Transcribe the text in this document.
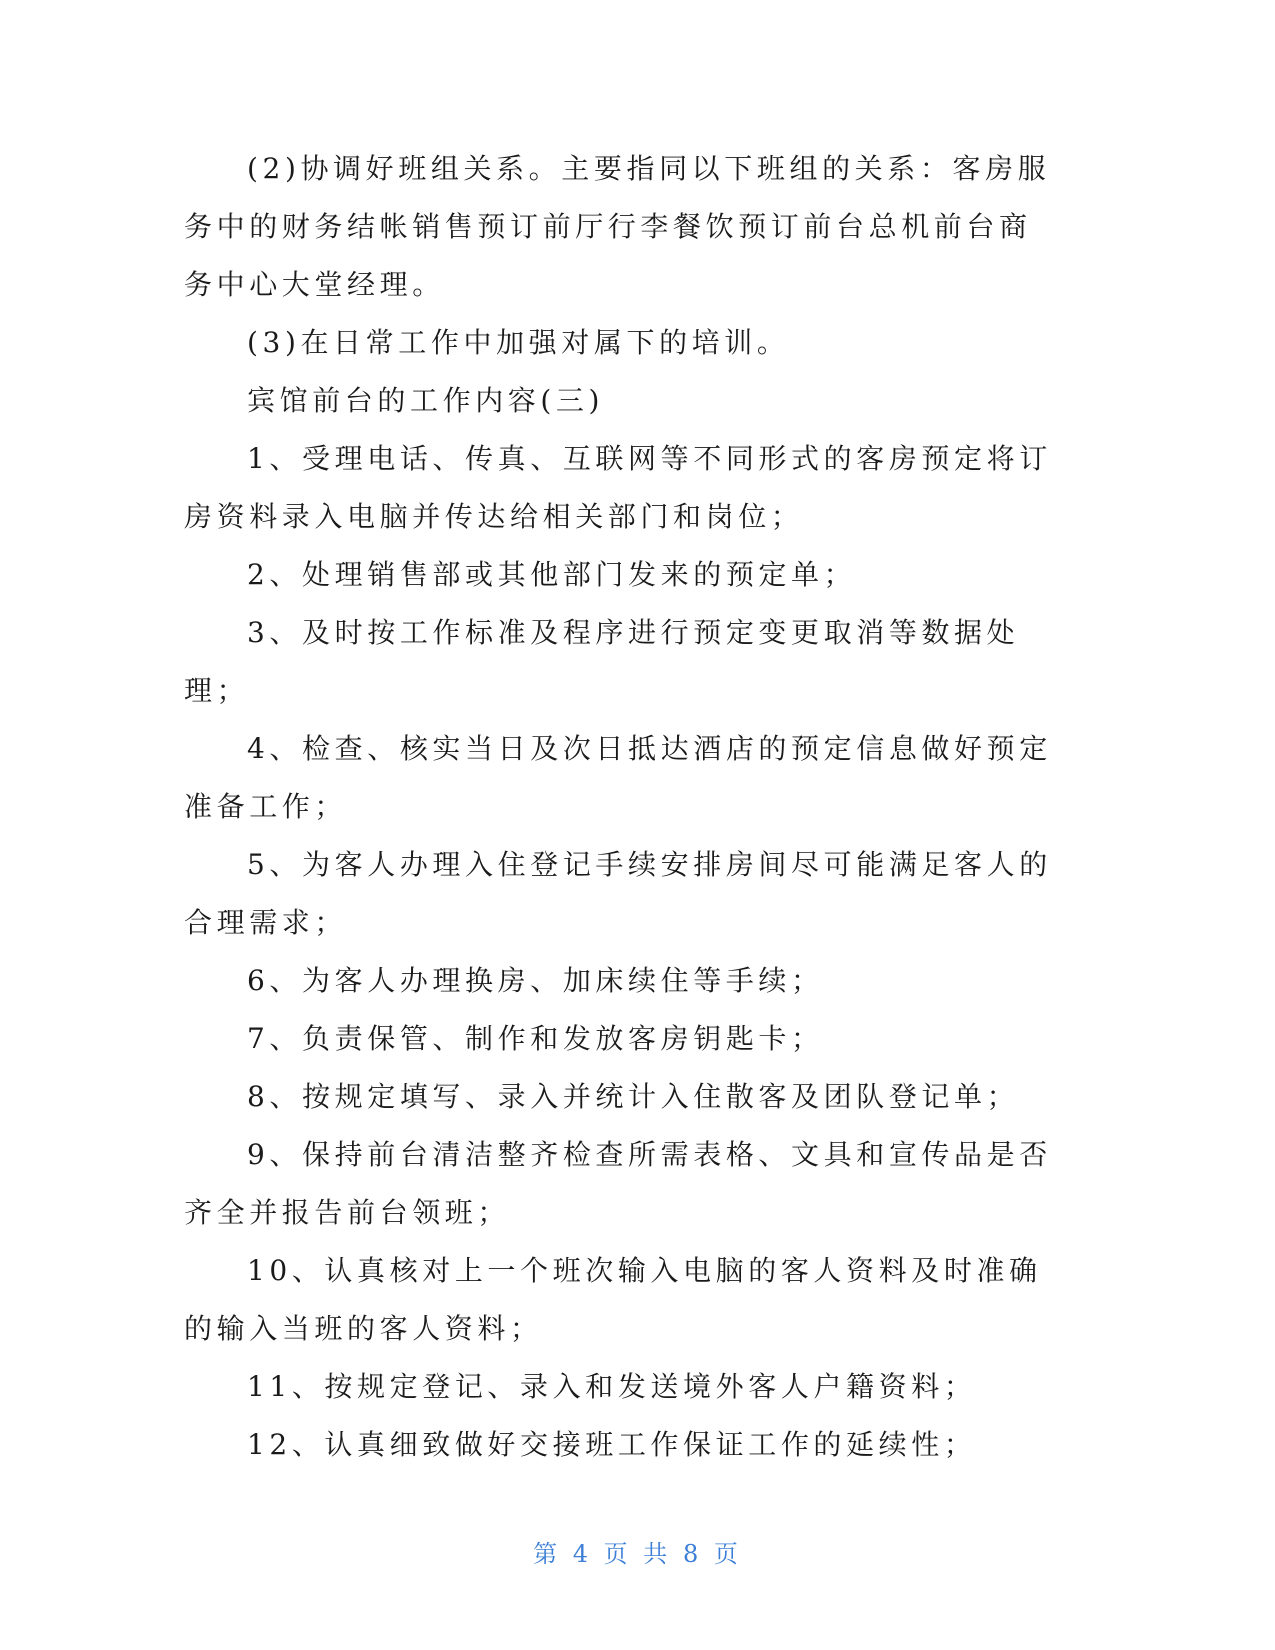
(2)协调好班组关系。主要指同以下班组的关系：客房服务中的财务结帐销售预订前厅行李餐饮预订前台总机前台商务中心大堂经理。

(3)在日常工作中加强对属下的培训。

宾馆前台的工作内容(三)

1、受理电话、传真、互联网等不同形式的客房预定将订房资料录入电脑并传达给相关部门和岗位；

2、处理销售部或其他部门发来的预定单；

3、及时按工作标准及程序进行预定变更取消等数据处理；

4、检查、核实当日及次日抵达酒店的预定信息做好预定准备工作；

5、为客人办理入住登记手续安排房间尽可能满足客人的合理需求；

6、为客人办理换房、加床续住等手续；

7、负责保管、制作和发放客房钥匙卡；

8、按规定填写、录入并统计入住散客及团队登记单；

9、保持前台清洁整齐检查所需表格、文具和宣传品是否齐全并报告前台领班；

10、认真核对上一个班次输入电脑的客人资料及时准确的输入当班的客人资料；

11、按规定登记、录入和发送境外客人户籍资料；

12、认真细致做好交接班工作保证工作的延续性；

第 4 页 共 8 页
